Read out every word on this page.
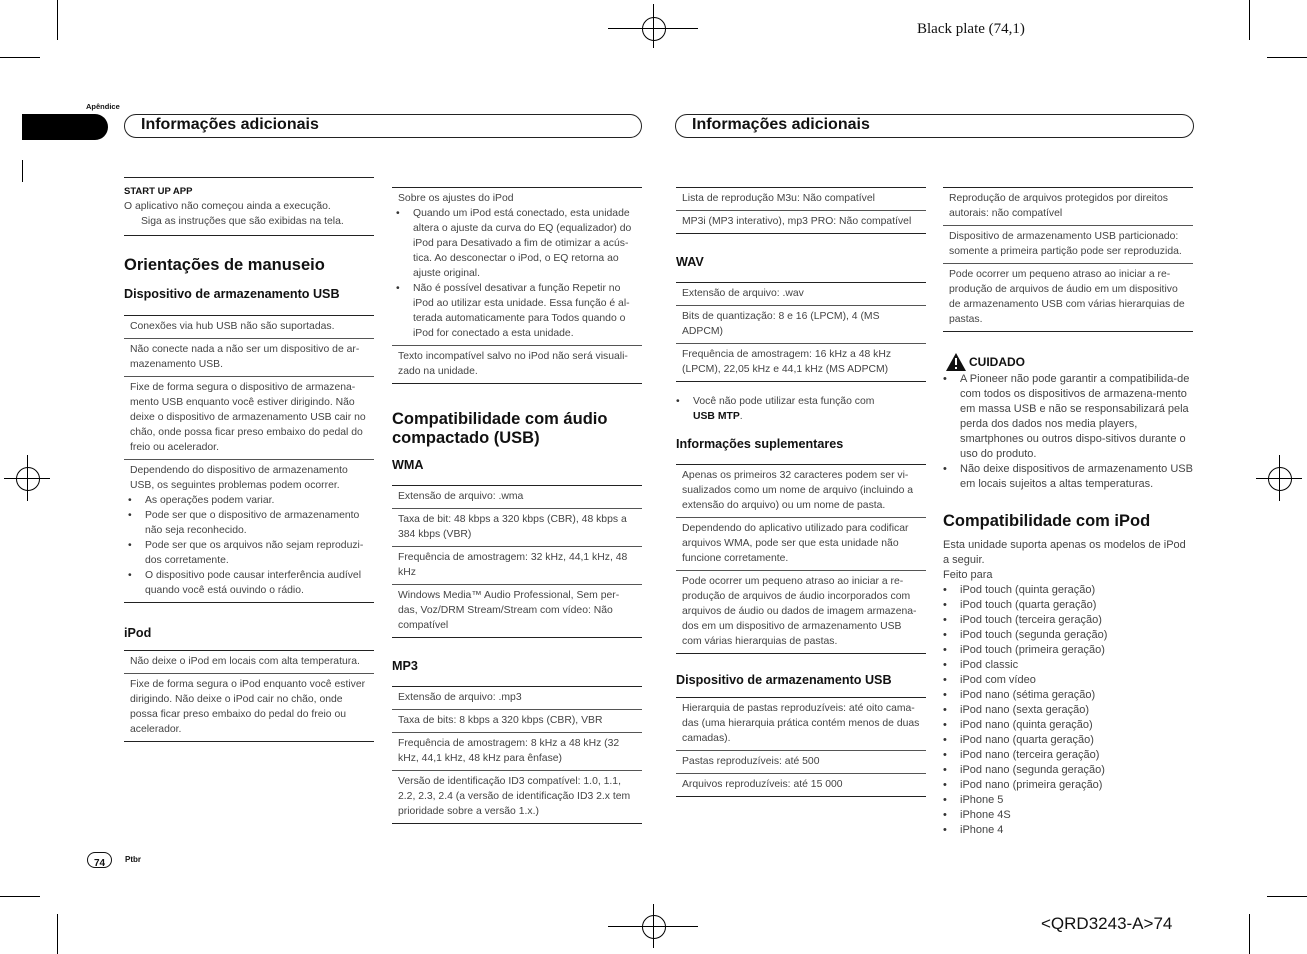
Black plate (74,1)
<QRD3243-A>74
Apêndice
Informações adicionais	Informações adicionais
START UP APP
O aplicativo não começou ainda a execução.
Siga as instruções que são exibidas na tela.
Orientações de manuseio
Dispositivo de armazenamento USB
Conexões via hub USB não são suportadas.
Não conecte nada a não ser um dispositivo de ar-mazenamento USB.
Fixe de forma segura o dispositivo de armazena-mento USB enquanto você estiver dirigindo. Não deixe o dispositivo de armazenamento USB cair no chão, onde possa ficar preso embaixo do pedal do freio ou acelerador.
Dependendo do dispositivo de armazenamento USB, os seguintes problemas podem ocorrer.
• As operações podem variar.
• Pode ser que o dispositivo de armazenamento não seja reconhecido.
• Pode ser que os arquivos não sejam reproduzi-dos corretamente.
• O dispositivo pode causar interferência audível quando você está ouvindo o rádio.
iPod
Não deixe o iPod em locais com alta temperatura.
Fixe de forma segura o iPod enquanto você estiver dirigindo. Não deixe o iPod cair no chão, onde possa ficar preso embaixo do pedal do freio ou acelerador.
Sobre os ajustes do iPod
• Quando um iPod está conectado, esta unidade altera o ajuste da curva do EQ (equalizador) do iPod para Desativado a fim de otimizar a acús-tica. Ao desconectar o iPod, o EQ retorna ao ajuste original.
• Não é possível desativar a função Repetir no iPod ao utilizar esta unidade. Essa função é al-terada automaticamente para Todos quando o iPod for conectado a esta unidade.
Texto incompatível salvo no iPod não será visuali-zado na unidade.
Compatibilidade com áudio compactado (USB)
WMA
Extensão de arquivo: .wma
Taxa de bit: 48 kbps a 320 kbps (CBR), 48 kbps a 384 kbps (VBR)
Frequência de amostragem: 32 kHz, 44,1 kHz, 48 kHz
Windows Media™ Audio Professional, Sem per-das, Voz/DRM Stream/Stream com vídeo: Não compatível
MP3
Extensão de arquivo: .mp3
Taxa de bits: 8 kbps a 320 kbps (CBR), VBR
Frequência de amostragem: 8 kHz a 48 kHz (32 kHz, 44,1 kHz, 48 kHz para ênfase)
Versão de identificação ID3 compatível: 1.0, 1.1, 2.2, 2.3, 2.4 (a versão de identificação ID3 2.x tem prioridade sobre a versão 1.x.)
Lista de reprodução M3u: Não compatível
MP3i (MP3 interativo), mp3 PRO: Não compatível
WAV
Extensão de arquivo: .wav
Bits de quantização: 8 e 16 (LPCM), 4 (MS ADPCM)
Frequência de amostragem: 16 kHz a 48 kHz (LPCM), 22,05 kHz e 44,1 kHz (MS ADPCM)
• Você não pode utilizar esta função com
USB MTP.
Informações suplementares
Apenas os primeiros 32 caracteres podem ser vi-sualizados como um nome de arquivo (incluindo a extensão do arquivo) ou um nome de pasta.
Dependendo do aplicativo utilizado para codificar arquivos WMA, pode ser que esta unidade não funcione corretamente.
Pode ocorrer um pequeno atraso ao iniciar a re-produção de arquivos de áudio incorporados com arquivos de áudio ou dados de imagem armazena-dos em um dispositivo de armazenamento USB com várias hierarquias de pastas.
Dispositivo de armazenamento USB
Hierarquia de pastas reproduzíveis: até oito cama-das (uma hierarquia prática contém menos de duas camadas).
Pastas reproduzíveis: até 500
Arquivos reproduzíveis: até 15 000
Reprodução de arquivos protegidos por direitos autorais: não compatível
Dispositivo de armazenamento USB particionado: somente a primeira partição pode ser reproduzida.
Pode ocorrer um pequeno atraso ao iniciar a re-produção de arquivos de áudio em um dispositivo de armazenamento USB com várias hierarquias de pastas.
CUIDADO
• A Pioneer não pode garantir a compatibilida-de com todos os dispositivos de armazena-mento em massa USB e não se responsabilizará pela perda dos dados nos media players, smartphones ou outros dispo-sitivos durante o uso do produto.
• Não deixe dispositivos de armazenamento USB em locais sujeitos a altas temperaturas.
Compatibilidade com iPod
Esta unidade suporta apenas os modelos de iPod a seguir.
Feito para
• iPod touch (quinta geração)
• iPod touch (quarta geração)
• iPod touch (terceira geração)
• iPod touch (segunda geração)
• iPod touch (primeira geração)
• iPod classic
• iPod com vídeo
• iPod nano (sétima geração)
• iPod nano (sexta geração)
• iPod nano (quinta geração)
• iPod nano (quarta geração)
• iPod nano (terceira geração)
• iPod nano (segunda geração)
• iPod nano (primeira geração)
• iPhone 5
• iPhone 4S
• iPhone 4
74	Ptbr
